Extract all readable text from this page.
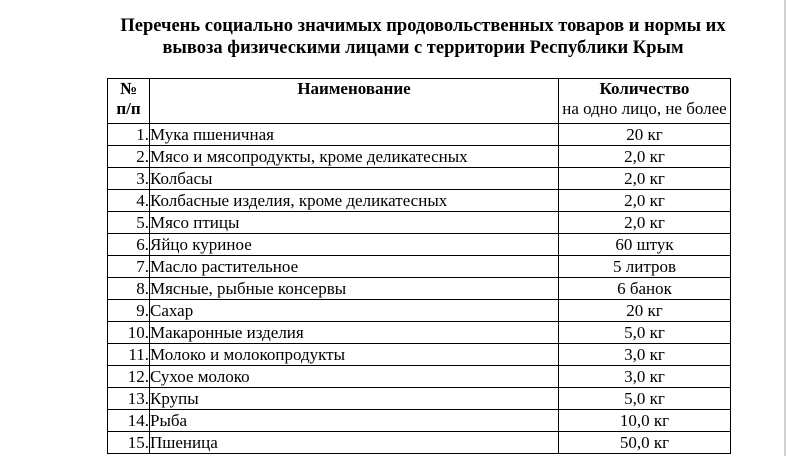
Перечень социально значимых продовольственных товаров и нормы их
вывоза физическими лицами с территории Республики Крым
№
п/п	Наименование	Количество
на одно лицо, не более

1.	Мука пшеничная	20 кг
2.	Мясо и мясопродукты, кроме деликатесных	2,0 кг
3.	Колбасы	2,0 кг
4.	Колбасные изделия, кроме деликатесных	2,0 кг
5.	Мясо птицы	2,0 кг
6.	Яйцо куриное	60 штук
7.	Масло растительное	5 литров
8.	Мясные, рыбные консервы	6 банок
9.	Сахар	20 кг
10.	Макаронные изделия	5,0 кг
11.	Молоко и молокопродукты	3,0 кг
12.	Сухое молоко	3,0 кг
13.	Крупы	5,0 кг
14.	Рыба	10,0 кг
15.	Пшеница	50,0 кг
